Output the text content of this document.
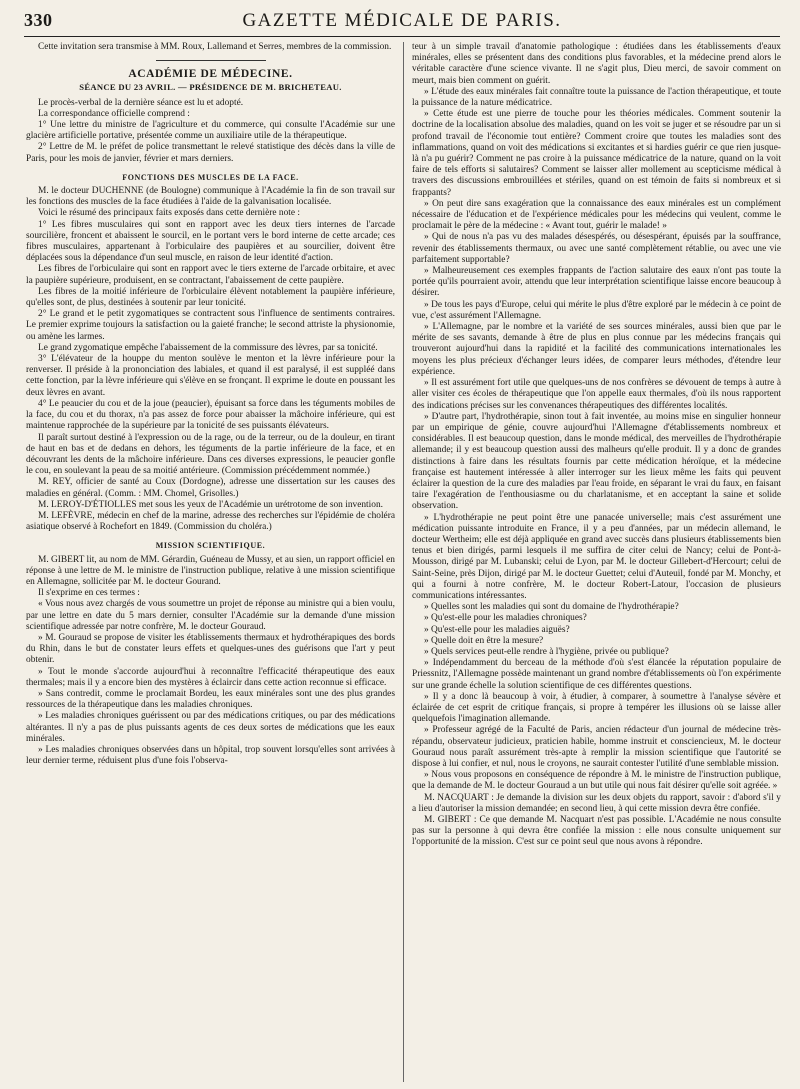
330	GAZETTE MÉDICALE DE PARIS.

Cette invitation sera transmise à MM. Roux, Lallemand et Serres, membres de la commission.

ACADÉMIE DE MÉDECINE.
SÉANCE DU 23 AVRIL. — PRÉSIDENCE DE M. BRICHETEAU.

Le procès-verbal de la dernière séance est lu et adopté.

La correspondance officielle comprend :

1° Une lettre du ministre de l'agriculture et du commerce, qui consulte l'Académie sur une glacière artificielle portative, présentée comme un auxiliaire utile de la thérapeutique.

2° Lettre de M. le préfet de police transmettant le relevé statistique des décès dans la ville de Paris, pour les mois de janvier, février et mars derniers.

FONCTIONS DES MUSCLES DE LA FACE.

M. le docteur DUCHENNE (de Boulogne) communique à l'Académie la fin de son travail sur les fonctions des muscles de la face étudiées à l'aide de la galvanisation localisée.

Voici le résumé des principaux faits exposés dans cette dernière note :

1° Les fibres musculaires qui sont en rapport avec les deux tiers internes de l'arcade sourcilière, froncent et abaissent le sourcil, en le portant vers le bord interne de cette arcade; ces fibres musculaires, appartenant à l'orbiculaire des paupières et au sourcilier, doivent être déplacées sous la dépendance d'un seul muscle, en raison de leur identité d'action.

Les fibres de l'orbiculaire qui sont en rapport avec le tiers externe de l'arcade orbitaire, et avec la paupière supérieure, produisent, en se contractant, l'abaissement de cette paupière.

Les fibres de la moitié inférieure de l'orbiculaire élèvent notablement la paupière inférieure, qu'elles sont, de plus, destinées à soutenir par leur tonicité.

2° Le grand et le petit zygomatiques se contractent sous l'influence de sentiments contraires. Le premier exprime toujours la satisfaction ou la gaieté franche; le second attriste la physionomie, ou amène les larmes.

Le grand zygomatique empêche l'abaissement de la commissure des lèvres, par sa tonicité.

3° L'élévateur de la houppe du menton soulève le menton et la lèvre inférieure pour la renverser. Il préside à la prononciation des labiales, et quand il est paralysé, il est suppléé dans cette fonction, par la lèvre inférieure qui s'élève en se fronçant. Il exprime le doute en poussant les deux lèvres en avant.

4° Le peaucier du cou et de la joue (peaucier), épuisant sa force dans les téguments mobiles de la face, du cou et du thorax, n'a pas assez de force pour abaisser la mâchoire inférieure, qui est maintenue rapprochée de la supérieure par la tonicité de ses puissants élévateurs.

Il paraît surtout destiné à l'expression ou de la rage, ou de la terreur, ou de la douleur, en tirant de haut en bas et de dedans en dehors, les téguments de la partie inférieure de la face, et en découvrant les dents de la mâchoire inférieure. Dans ces diverses expressions, le peaucier gonfle le cou, en soulevant la peau de sa moitié antérieure. (Commission précédemment nommée.)

M. REY, officier de santé au Coux (Dordogne), adresse une dissertation sur les causes des maladies en général. (Comm. : MM. Chomel, Grisolles.)

M. LEROY-D'ÉTIOLLES met sous les yeux de l'Académie un urétrotome de son invention.

M. LEFÈVRE, médecin en chef de la marine, adresse des recherches sur l'épidémie de choléra asiatique observé à Rochefort en 1849. (Commission du choléra.)

MISSION SCIENTIFIQUE.

M. GIBERT lit, au nom de MM. Gérardin, Guéneau de Mussy, et au sien, un rapport officiel en réponse à une lettre de M. le ministre de l'instruction publique, relative à une mission scientifique en Allemagne, sollicitée par M. le docteur Gourand.

Il s'exprime en ces termes :

« Vous nous avez chargés de vous soumettre un projet de réponse au ministre qui a bien voulu, par une lettre en date du 5 mars dernier, consulter l'Académie sur la demande d'une mission scientifique adressée par notre confrère, M. le docteur Gouraud.

» M. Gouraud se propose de visiter les établissements thermaux et hydrothérapiques des bords du Rhin, dans le but de constater leurs effets et quelques-unes des guérisons que l'art y peut obtenir.

» Tout le monde s'accorde aujourd'hui à reconnaître l'efficacité thérapeutique des eaux thermales; mais il y a encore bien des mystères à éclaircir dans cette action reconnue si efficace.

» Sans contredit, comme le proclamait Bordeu, les eaux minérales sont une des plus grandes ressources de la thérapeutique dans les maladies chroniques.

» Les maladies chroniques guérissent ou par des médications critiques, ou par des médications altérantes. Il n'y a pas de plus puissants agents de ces deux sortes de médications que les eaux minérales.

» Les maladies chroniques observées dans un hôpital, trop souvent lorsqu'elles sont arrivées à leur dernier terme, réduisent plus d'une fois l'observa-

teur à un simple travail d'anatomie pathologique : étudiées dans les établissements d'eaux minérales, elles se présentent dans des conditions plus favorables, et la médecine prend alors le véritable caractère d'une science vivante. Il ne s'agit plus, Dieu merci, de savoir comment on meurt, mais bien comment on guérit.

» L'étude des eaux minérales fait connaître toute la puissance de l'action thérapeutique, et toute la puissance de la nature médicatrice.

» Cette étude est une pierre de touche pour les théories médicales. Comment soutenir la doctrine de la localisation absolue des maladies, quand on les voit se juger et se résoudre par un si profond travail de l'économie tout entière? Comment croire que toutes les maladies sont des inflammations, quand on voit des médications si excitantes et si hardies guérir ce que rien jusque-là n'a pu guérir? Comment ne pas croire à la puissance médicatrice de la nature, quand on la voit faire de tels efforts si salutaires? Comment se laisser aller mollement au scepticisme médical à travers des discussions embrouillées et stériles, quand on est témoin de faits si nombreux et si frappants?

» On peut dire sans exagération que la connaissance des eaux minérales est un complément nécessaire de l'éducation et de l'expérience médicales pour les médecins qui veulent, comme le proclamait le père de la médecine : « Avant tout, guérir le malade! »

» Qui de nous n'a pas vu des malades désespérés, ou désespérant, épuisés par la souffrance, revenir des établissements thermaux, ou avec une santé complètement rétablie, ou avec une vie parfaitement supportable?

» Malheureusement ces exemples frappants de l'action salutaire des eaux n'ont pas toute la portée qu'ils pourraient avoir, attendu que leur interprétation scientifique laisse encore beaucoup à désirer.

» De tous les pays d'Europe, celui qui mérite le plus d'être exploré par le médecin à ce point de vue, c'est assurément l'Allemagne.

» L'Allemagne, par le nombre et la variété de ses sources minérales, aussi bien que par le mérite de ses savants, demande à être de plus en plus connue par les médecins français qui trouveront aujourd'hui dans la rapidité et la facilité des communications internationales les moyens les plus précieux d'échanger leurs idées, de comparer leurs méthodes, d'étendre leur expérience.

» Il est assurément fort utile que quelques-uns de nos confrères se dévouent de temps à autre à aller visiter ces écoles de thérapeutique que l'on appelle eaux thermales, d'où ils nous rapportent des indications précises sur les convenances thérapeutiques des différentes localités.

» D'autre part, l'hydrothérapie, sinon tout à fait inventée, au moins mise en singulier honneur par un empirique de génie, couvre aujourd'hui l'Allemagne d'établissements nombreux et considérables. Il est beaucoup question, dans le monde médical, des merveilles de l'hydrothérapie allemande; il y est beaucoup question aussi des malheurs qu'elle produit. Il y a donc de grandes distinctions à faire dans les résultats fournis par cette médication héroïque, et la médecine française est hautement intéressée à aller interroger sur les lieux même les faits qui peuvent éclairer la question de la cure des maladies par l'eau froide, en séparant le vrai du faux, en faisant taire l'exagération de l'enthousiasme ou du charlatanisme, et en acceptant la saine et solide observation.

» L'hydrothérapie ne peut point être une panacée universelle; mais c'est assurément une médication puissante introduite en France, il y a peu d'années, par un médecin allemand, le docteur Wertheim; elle est déjà appliquée en grand avec succès dans plusieurs établissements bien tenus et bien dirigés, parmi lesquels il me suffira de citer celui de Nancy; celui de Pont-à-Mousson, dirigé par M. Lubanski; celui de Lyon, par M. le docteur Gillebert-d'Hercourt; celui de Saint-Seine, près Dijon, dirigé par M. le docteur Guettet; celui d'Auteuil, fondé par M. Monchy, et qui a fourni à notre confrère, M. le docteur Robert-Latour, l'occasion de plusieurs communications intéressantes.

» Quelles sont les maladies qui sont du domaine de l'hydrothérapie?

» Qu'est-elle pour les maladies chroniques?

» Qu'est-elle pour les maladies aiguës?

» Quelle doit en être la mesure?

» Quels services peut-elle rendre à l'hygiène, privée ou publique?

» Indépendamment du berceau de la méthode d'où s'est élancée la réputation populaire de Priessnitz, l'Allemagne possède maintenant un grand nombre d'établissements où l'on expérimente sur une grande échelle la solution scientifique de ces différentes questions.

» Il y a donc là beaucoup à voir, à étudier, à comparer, à soumettre à l'analyse sévère et éclairée de cet esprit de critique français, si propre à tempérer les illusions où se laisse aller quelquefois l'imagination allemande.

» Professeur agrégé de la Faculté de Paris, ancien rédacteur d'un journal de médecine très-répandu, observateur judicieux, praticien habile, homme instruit et consciencieux, M. le docteur Gouraud nous paraît assurément très-apte à remplir la mission scientifique que l'autorité se dispose à lui confier, et nul, nous le croyons, ne saurait contester l'utilité d'une semblable mission.

» Nous vous proposons en conséquence de répondre à M. le ministre de l'instruction publique, que la demande de M. le docteur Gouraud a un but utile qui nous fait désirer qu'elle soit agréée. »

M. NACQUART : Je demande la division sur les deux objets du rapport, savoir : d'abord s'il y a lieu d'autoriser la mission demandée; en second lieu, à qui cette mission devra être confiée.

M. GIBERT : Ce que demande M. Nacquart n'est pas possible. L'Académie ne nous consulte pas sur la personne à qui devra être confiée la mission : elle nous consulte uniquement sur l'opportunité de la mission. C'est sur ce point seul que nous avons à répondre.
